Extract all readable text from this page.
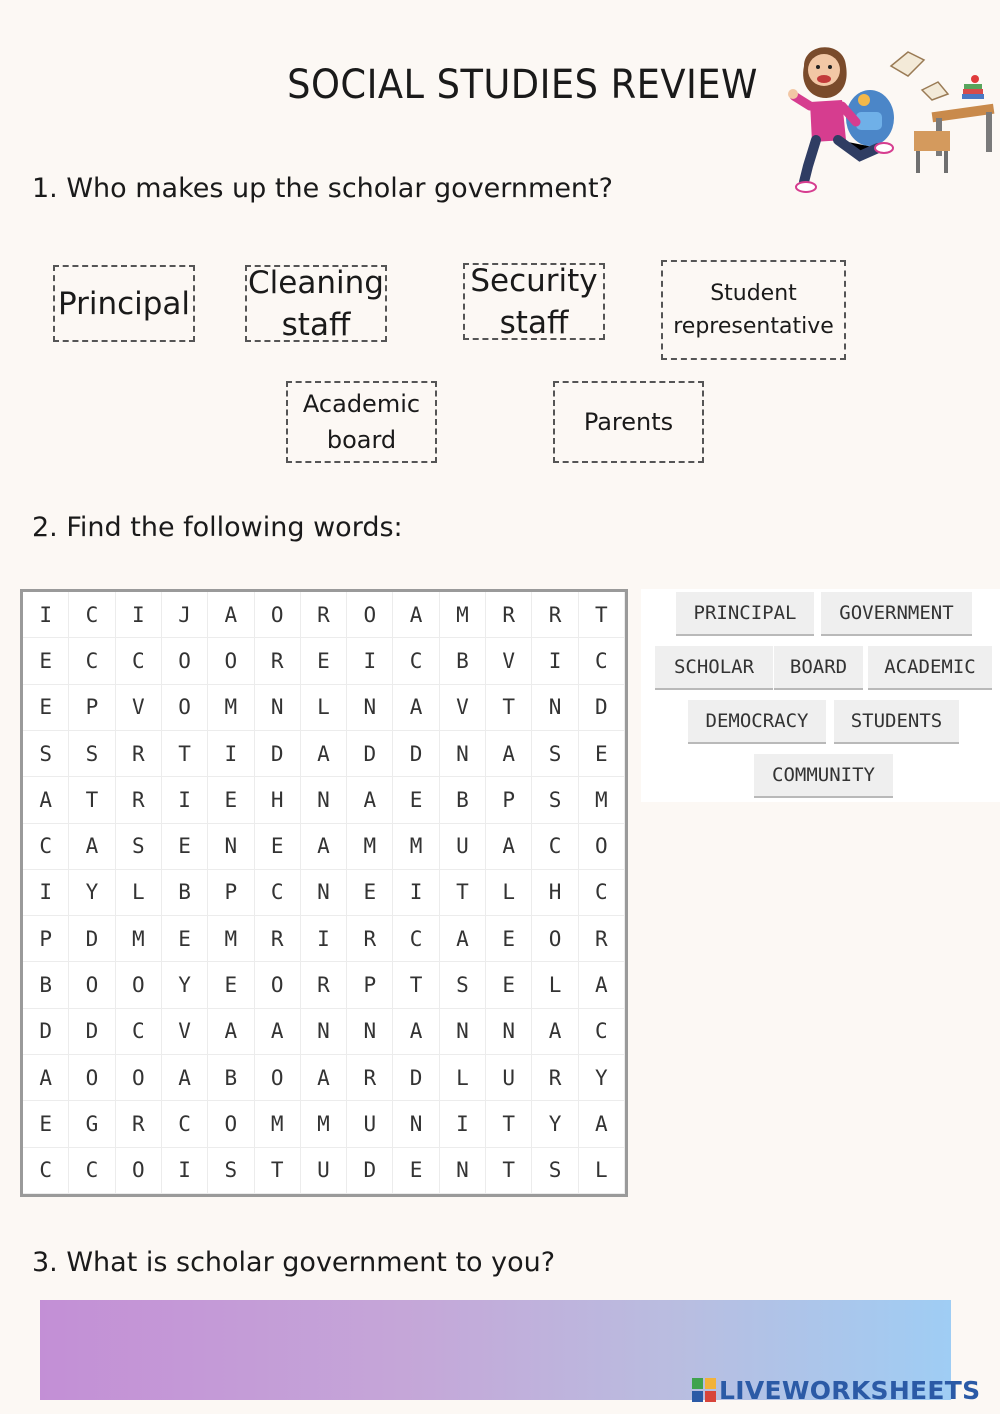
SOCIAL STUDIES REVIEW
1. Who makes up the scholar government?
Principal
Cleaning
staff
Security
staff
Student
representative
Academic
board
Parents
2. Find the following words:
I	C	I	J	A	O	R	O	A	M	R	R	T
E	C	C	O	O	R	E	I	C	B	V	I	C
E	P	V	O	M	N	L	N	A	V	T	N	D
S	S	R	T	I	D	A	D	D	N	A	S	E
A	T	R	I	E	H	N	A	E	B	P	S	M
C	A	S	E	N	E	A	M	M	U	A	C	O
I	Y	L	B	P	C	N	E	I	T	L	H	C
P	D	M	E	M	R	I	R	C	A	E	O	R
B	O	O	Y	E	O	R	P	T	S	E	L	A
D	D	C	V	A	A	N	N	A	N	N	A	C
A	O	O	A	B	O	A	R	D	L	U	R	Y
E	G	R	C	O	M	M	U	N	I	T	Y	A
C	C	O	I	S	T	U	D	E	N	T	S	L
PRINCIPAL	GOVERNMENT
SCHOLAR	BOARD	ACADEMIC
DEMOCRACY	STUDENTS
COMMUNITY
3. What is scholar government to you?
LIVEWORKSHEETS
